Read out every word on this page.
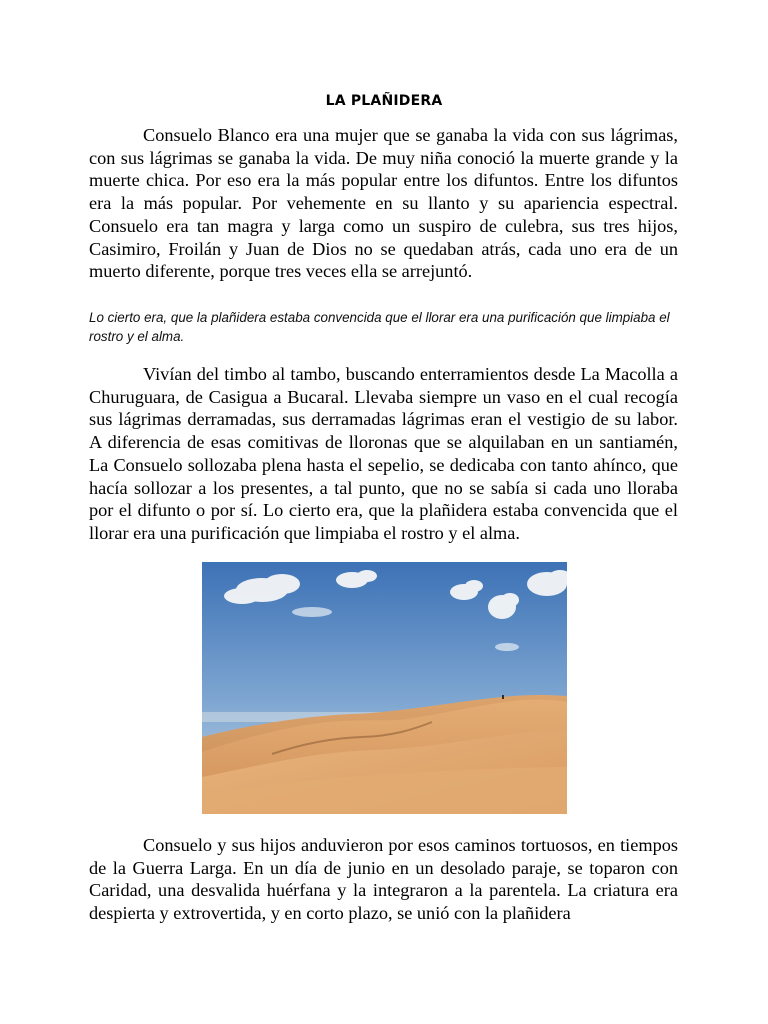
LA PLAÑIDERA

Consuelo Blanco era una mujer que se ganaba la vida con sus lágrimas, con sus lágrimas se ganaba la vida. De muy niña conoció la muerte grande y la muerte chica. Por eso era la más popular entre los difuntos. Entre los difuntos era la más popular. Por vehemente en su llanto y su apariencia espectral. Consuelo era tan magra y larga como un suspiro de culebra, sus tres hijos, Casimiro, Froilán y Juan de Dios no se quedaban atrás, cada uno era de un muerto diferente, porque tres veces ella se arrejuntó.

Lo cierto era, que la plañidera estaba convencida que el llorar era una purificación que limpiaba el rostro y el alma.

Vivían del timbo al tambo, buscando enterramientos desde La Macolla a Churuguara, de Casigua a Bucaral. Llevaba siempre un vaso en el cual recogía sus lágrimas derramadas, sus derramadas lágrimas eran el vestigio de su labor. A diferencia de esas comitivas de lloronas que se alquilaban en un santiamén, La Consuelo sollozaba plena hasta el sepelio, se dedicaba con tanto ahínco, que hacía sollozar a los presentes, a tal punto, que no se sabía si cada uno lloraba por el difunto o por sí. Lo cierto era, que la plañidera estaba convencida que el llorar era una purificación que limpiaba el rostro y el alma.

Consuelo y sus hijos anduvieron por esos caminos tortuosos, en tiempos de la Guerra Larga. En un día de junio en un desolado paraje, se toparon con Caridad, una desvalida huérfana y la integraron a la parentela. La criatura era despierta y extrovertida, y en corto plazo, se unió con la plañidera
